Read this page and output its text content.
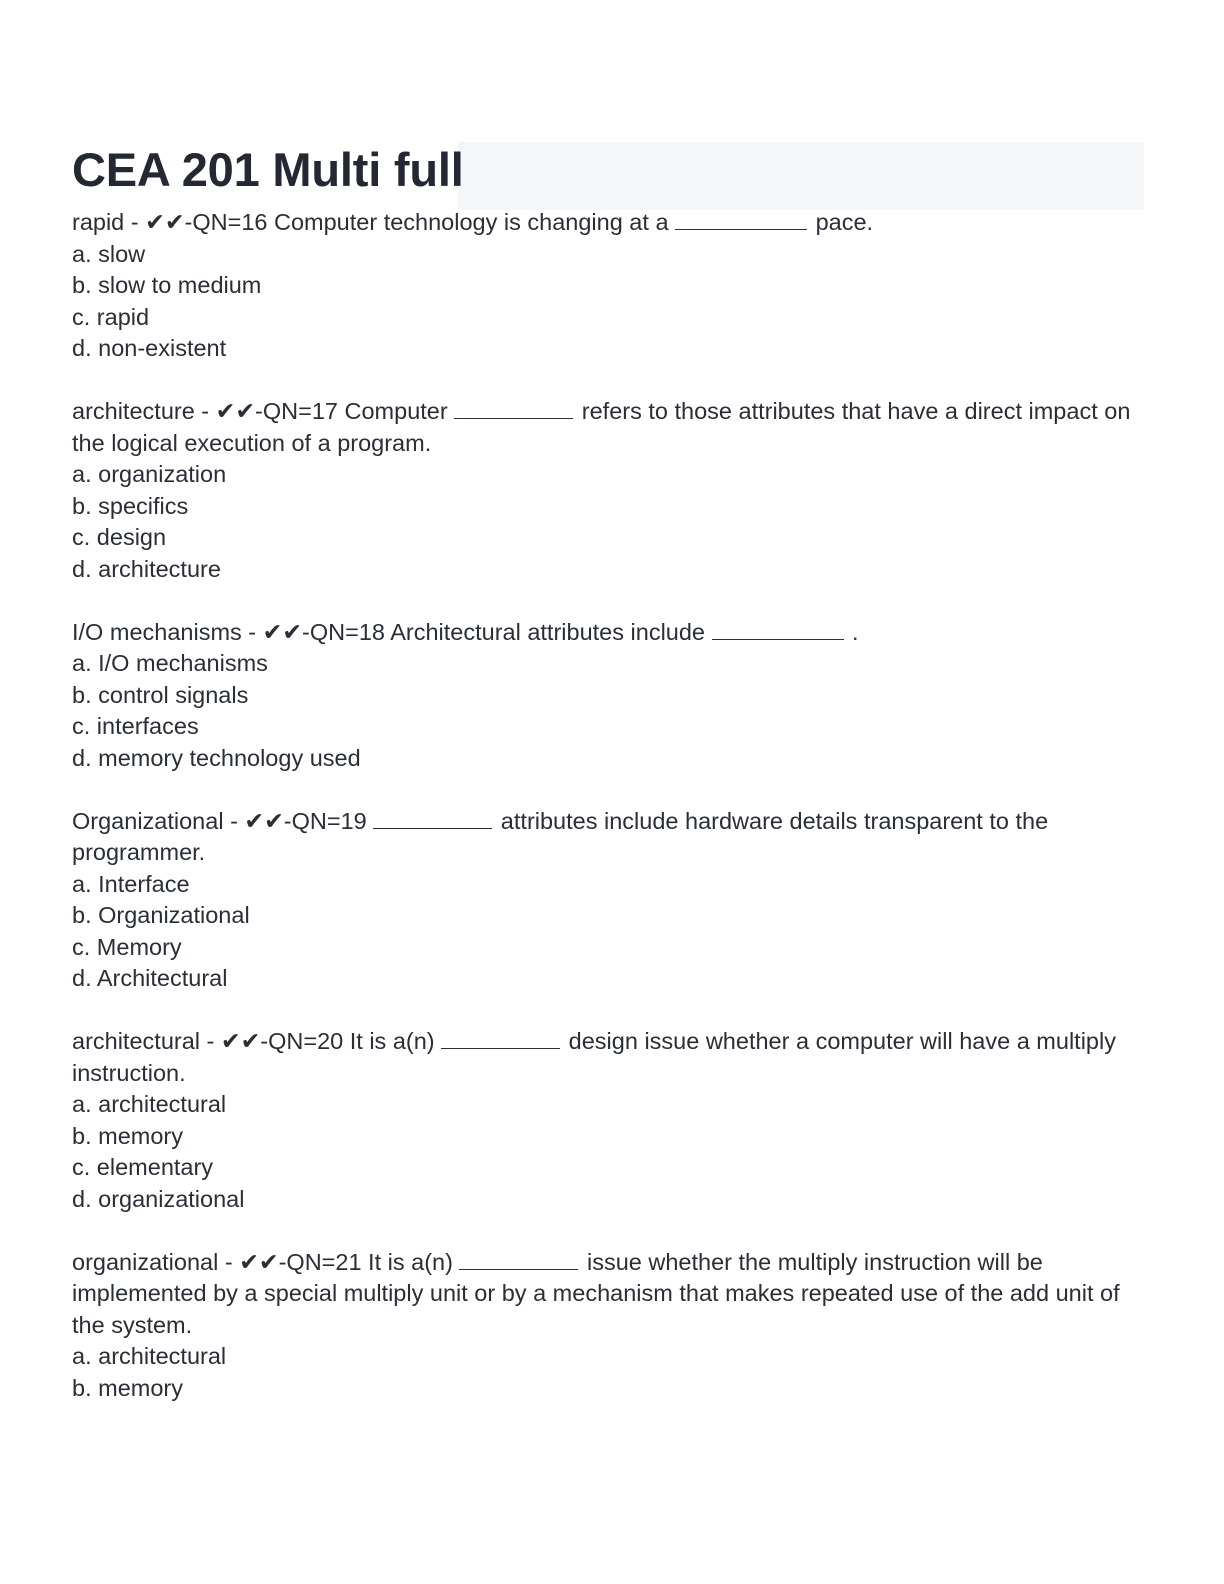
CEA 201 Multi full
rapid - ✔✔-QN=16 Computer technology is changing at a	pace.
a. slow
b. slow to medium
c. rapid
d. non-existent
architecture - ✔✔-QN=17 Computer	refers to those attributes that have a direct impact on
the logical execution of a program.
a. organization
b. specifics
c. design
d. architecture
I/O mechanisms - ✔✔-QN=18 Architectural attributes include	.
a. I/O mechanisms
b. control signals
c. interfaces
d. memory technology used
Organizational - ✔✔-QN=19	attributes include hardware details transparent to the
programmer.
a. Interface
b. Organizational
c. Memory
d. Architectural
architectural - ✔✔-QN=20 It is a(n)	design issue whether a computer will have a multiply
instruction.
a. architectural
b. memory
c. elementary
d. organizational
organizational - ✔✔-QN=21 It is a(n)	issue whether the multiply instruction will be
implemented by a special multiply unit or by a mechanism that makes repeated use of the add unit of
the system.
a. architectural
b. memory
